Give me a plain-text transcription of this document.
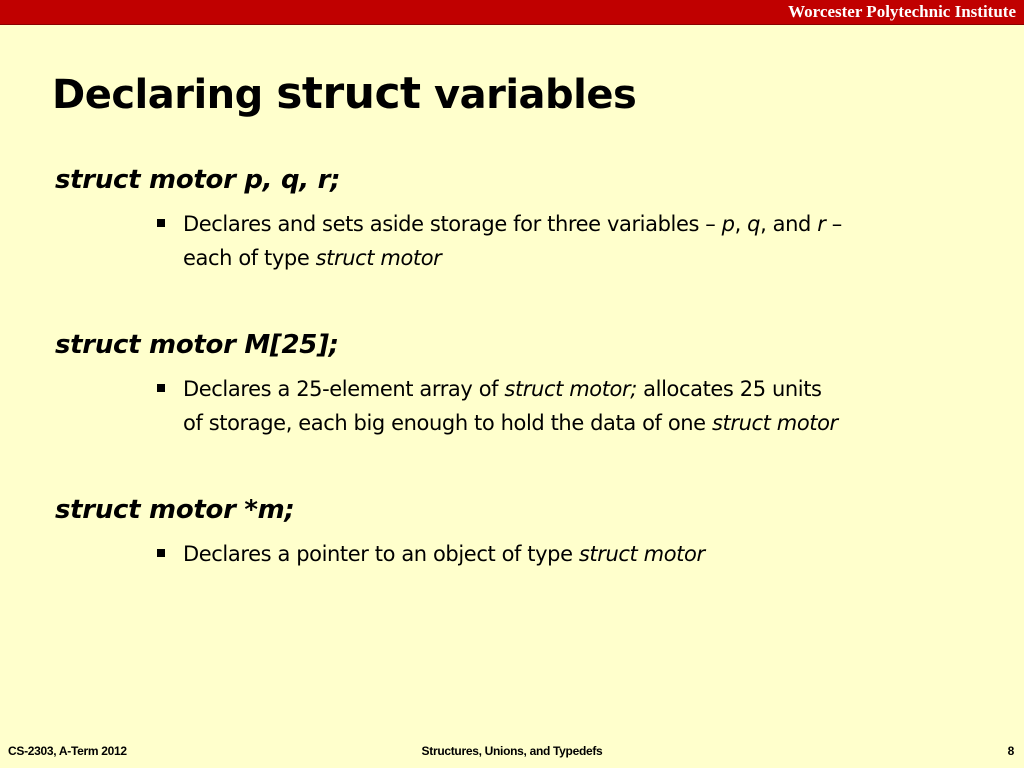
Worcester Polytechnic Institute
Declaring struct variables

struct motor p, q, r;

Declares and sets aside storage for three variables – p, q, and r –

each of type struct motor

struct motor M[25];

Declares a 25-element array of struct motor; allocates 25 units

of storage, each big enough to hold the data of one struct motor

struct motor *m;

Declares a pointer to an object of type struct motor

Structures, Unions, and Typedefs
CS-2303, A-Term 2012	8
